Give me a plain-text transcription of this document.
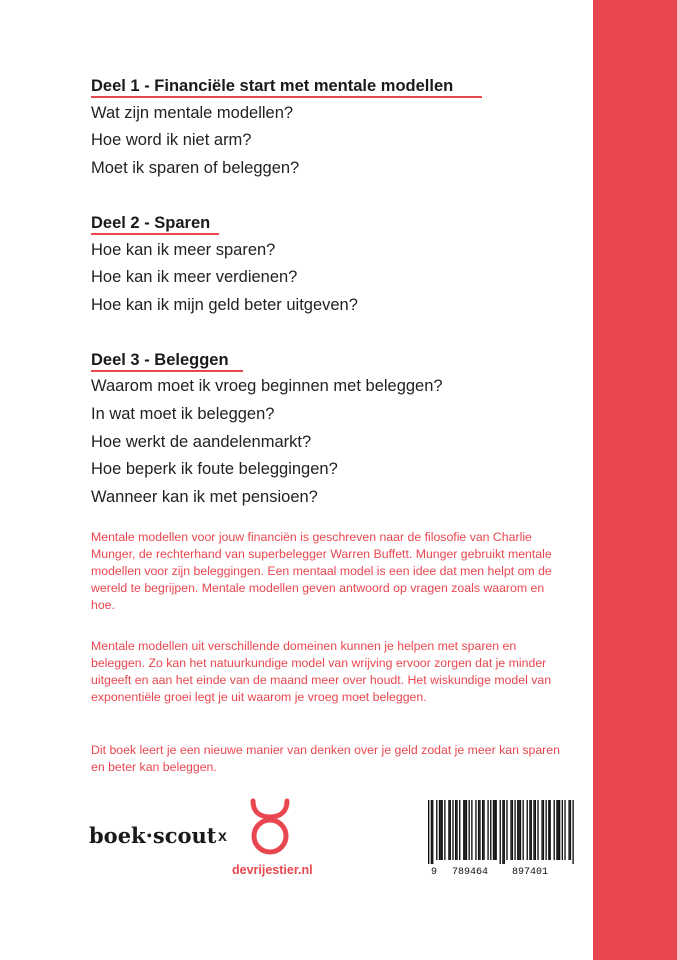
Deel 1 - Financiële start met mentale modellen
Wat zijn mentale modellen?
Hoe word ik niet arm?
Moet ik sparen of beleggen?
Deel 2 - Sparen
Hoe kan ik meer sparen?
Hoe kan ik meer verdienen?
Hoe kan ik mijn geld beter uitgeven?
Deel 3 - Beleggen
Waarom moet ik vroeg beginnen met beleggen?
In wat moet ik beleggen?
Hoe werkt de aandelenmarkt?
Hoe beperk ik foute beleggingen?
Wanneer kan ik met pensioen?

Mentale modellen voor jouw financiën is geschreven naar de filosofie van Charlie Munger, de rechterhand van superbelegger Warren Buffett. Munger gebruikt mentale modellen voor zijn beleggingen. Een mentaal model is een idee dat men helpt om de wereld te begrijpen. Mentale modellen geven antwoord op vragen zoals waarom en hoe.

Mentale modellen uit verschillende domeinen kunnen je helpen met sparen en beleggen. Zo kan het natuurkundige model van wrijving ervoor zorgen dat je minder uitgeeft en aan het einde van de maand meer over houdt. Het wiskundige model van exponentiële groei legt je uit waarom je vroeg moet beleggen.

Dit boek leert je een nieuwe manier van denken over je geld zodat je meer kan sparen en beter kan beleggen.

boek·scout x
devrijestier.nl	9 789464 897401
